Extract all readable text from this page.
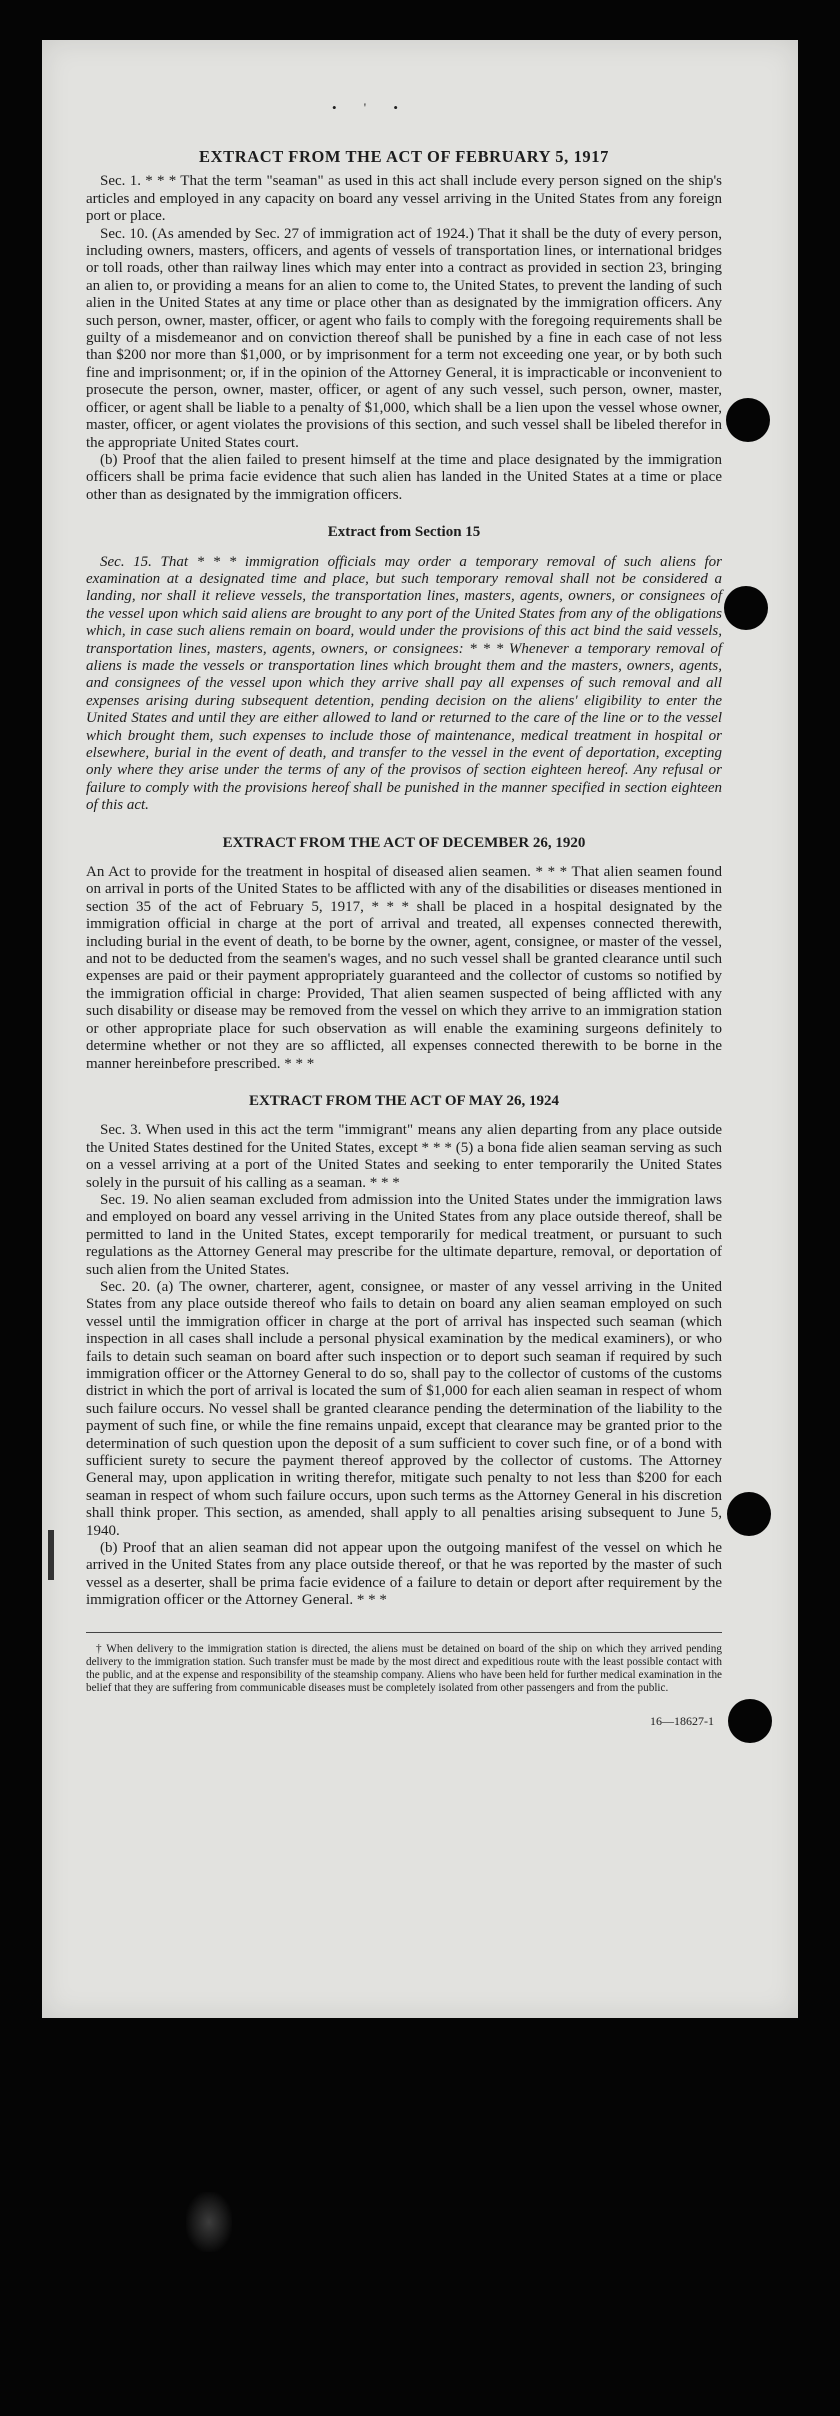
• ' •
EXTRACT FROM THE ACT OF FEBRUARY 5, 1917

Sec. 1. * * * That the term "seaman" as used in this act shall include every person signed on the ship's articles and employed in any capacity on board any vessel arriving in the United States from any foreign port or place.

Sec. 10. (As amended by Sec. 27 of immigration act of 1924.) That it shall be the duty of every person, including owners, masters, officers, and agents of vessels of transportation lines, or international bridges or toll roads, other than railway lines which may enter into a contract as provided in section 23, bringing an alien to, or providing a means for an alien to come to, the United States, to prevent the landing of such alien in the United States at any time or place other than as designated by the immigration officers. Any such person, owner, master, officer, or agent who fails to comply with the foregoing requirements shall be guilty of a misdemeanor and on conviction thereof shall be punished by a fine in each case of not less than $200 nor more than $1,000, or by imprisonment for a term not exceeding one year, or by both such fine and imprisonment; or, if in the opinion of the Attorney General, it is impracticable or inconvenient to prosecute the person, owner, master, officer, or agent of any such vessel, such person, owner, master, officer, or agent shall be liable to a penalty of $1,000, which shall be a lien upon the vessel whose owner, master, officer, or agent violates the provisions of this section, and such vessel shall be libeled therefor in the appropriate United States court.

(b) Proof that the alien failed to present himself at the time and place designated by the immigration officers shall be prima facie evidence that such alien has landed in the United States at a time or place other than as designated by the immigration officers.

Extract from Section 15

Sec. 15. That * * * immigration officials may order a temporary removal of such aliens for examination at a designated time and place, but such temporary removal shall not be considered a landing, nor shall it relieve vessels, the transportation lines, masters, agents, owners, or consignees of the vessel upon which said aliens are brought to any port of the United States from any of the obligations which, in case such aliens remain on board, would under the provisions of this act bind the said vessels, transportation lines, masters, agents, owners, or consignees: * * * Whenever a temporary removal of aliens is made the vessels or transportation lines which brought them and the masters, owners, agents, and consignees of the vessel upon which they arrive shall pay all expenses of such removal and all expenses arising during subsequent detention, pending decision on the aliens' eligibility to enter the United States and until they are either allowed to land or returned to the care of the line or to the vessel which brought them, such expenses to include those of maintenance, medical treatment in hospital or elsewhere, burial in the event of death, and transfer to the vessel in the event of deportation, excepting only where they arise under the terms of any of the provisos of section eighteen hereof. Any refusal or failure to comply with the provisions hereof shall be punished in the manner specified in section eighteen of this act.

EXTRACT FROM THE ACT OF DECEMBER 26, 1920

An Act to provide for the treatment in hospital of diseased alien seamen. * * * That alien seamen found on arrival in ports of the United States to be afflicted with any of the disabilities or diseases mentioned in section 35 of the act of February 5, 1917, * * * shall be placed in a hospital designated by the immigration official in charge at the port of arrival and treated, all expenses connected therewith, including burial in the event of death, to be borne by the owner, agent, consignee, or master of the vessel, and not to be deducted from the seamen's wages, and no such vessel shall be granted clearance until such expenses are paid or their payment appropriately guaranteed and the collector of customs so notified by the immigration official in charge: Provided, That alien seamen suspected of being afflicted with any such disability or disease may be removed from the vessel on which they arrive to an immigration station or other appropriate place for such observation as will enable the examining surgeons definitely to determine whether or not they are so afflicted, all expenses connected therewith to be borne in the manner hereinbefore prescribed. * * *

EXTRACT FROM THE ACT OF MAY 26, 1924

Sec. 3. When used in this act the term "immigrant" means any alien departing from any place outside the United States destined for the United States, except * * * (5) a bona fide alien seaman serving as such on a vessel arriving at a port of the United States and seeking to enter temporarily the United States solely in the pursuit of his calling as a seaman. * * *

Sec. 19. No alien seaman excluded from admission into the United States under the immigration laws and employed on board any vessel arriving in the United States from any place outside thereof, shall be permitted to land in the United States, except temporarily for medical treatment, or pursuant to such regulations as the Attorney General may prescribe for the ultimate departure, removal, or deportation of such alien from the United States.

Sec. 20. (a) The owner, charterer, agent, consignee, or master of any vessel arriving in the United States from any place outside thereof who fails to detain on board any alien seaman employed on such vessel until the immigration officer in charge at the port of arrival has inspected such seaman (which inspection in all cases shall include a personal physical examination by the medical examiners), or who fails to detain such seaman on board after such inspection or to deport such seaman if required by such immigration officer or the Attorney General to do so, shall pay to the collector of customs of the customs district in which the port of arrival is located the sum of $1,000 for each alien seaman in respect of whom such failure occurs. No vessel shall be granted clearance pending the determination of the liability to the payment of such fine, or while the fine remains unpaid, except that clearance may be granted prior to the determination of such question upon the deposit of a sum sufficient to cover such fine, or of a bond with sufficient surety to secure the payment thereof approved by the collector of customs. The Attorney General may, upon application in writing therefor, mitigate such penalty to not less than $200 for each seaman in respect of whom such failure occurs, upon such terms as the Attorney General in his discretion shall think proper. This section, as amended, shall apply to all penalties arising subsequent to June 5, 1940.

(b) Proof that an alien seaman did not appear upon the outgoing manifest of the vessel on which he arrived in the United States from any place outside thereof, or that he was reported by the master of such vessel as a deserter, shall be prima facie evidence of a failure to detain or deport after requirement by the immigration officer or the Attorney General. * * *

† When delivery to the immigration station is directed, the aliens must be detained on board of the ship on which they arrived pending delivery to the immigration station. Such transfer must be made by the most direct and expeditious route with the least possible contact with the public, and at the expense and responsibility of the steamship company. Aliens who have been held for further medical examination in the belief that they are suffering from communicable diseases must be completely isolated from other passengers and from the public.
16—18627-1
